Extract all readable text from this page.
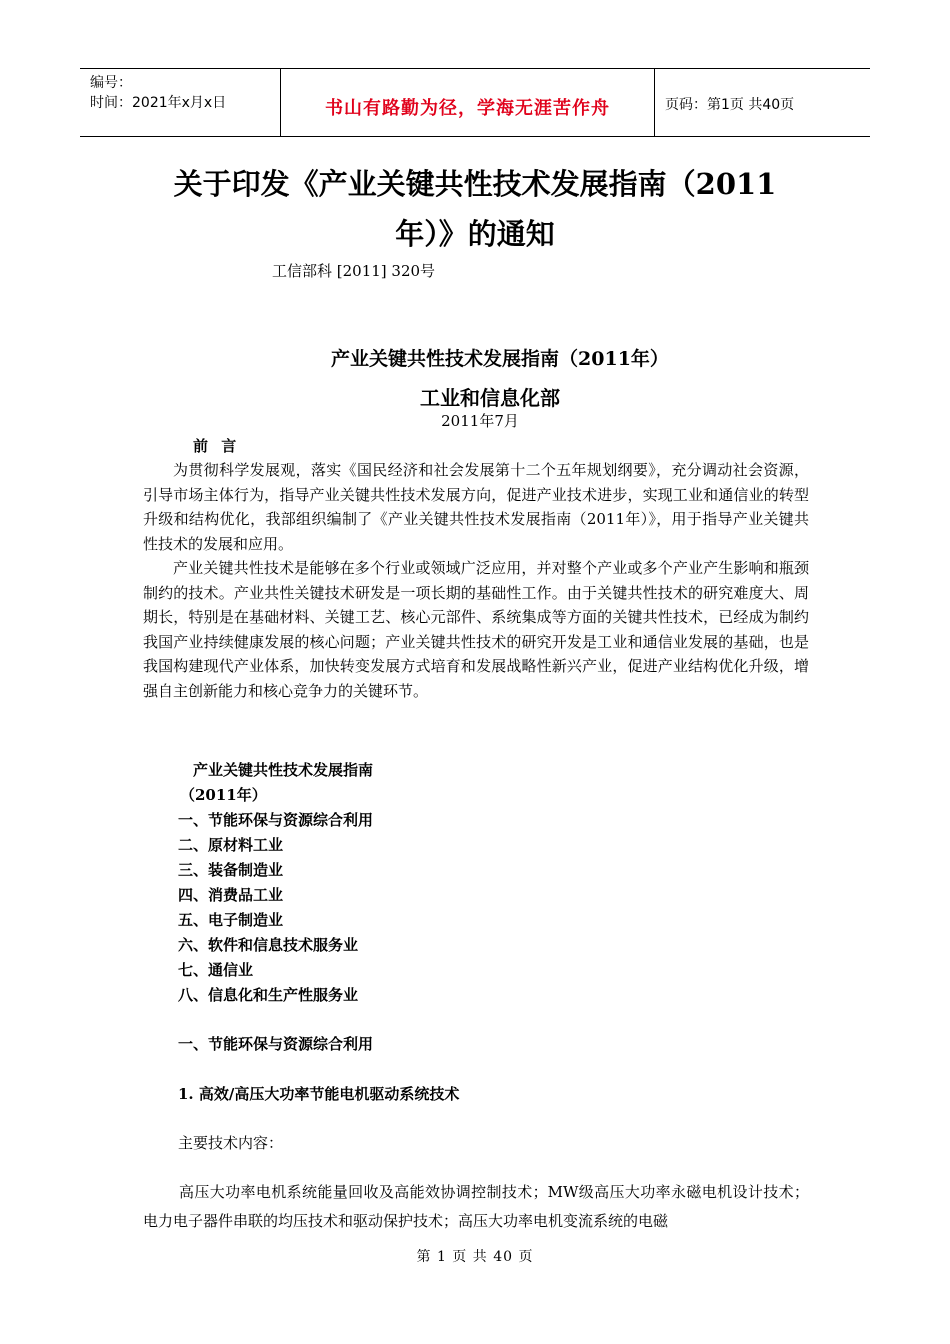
编号：
时间：2021年x月x日	书山有路勤为径，学海无涯苦作舟	页码：第1页 共40页
关于印发《产业关键共性技术发展指南（2011
年）》的通知
工信部科 [2011] 320号
产业关键共性技术发展指南（2011年）
工业和信息化部
2011年7月
前 言
为贯彻科学发展观，落实《国民经济和社会发展第十二个五年规划纲要》，充分调动社会资源，引导市场主体行为，指导产业关键共性技术发展方向，促进产业技术进步，实现工业和通信业的转型升级和结构优化，我部组织编制了《产业关键共性技术发展指南（2011年）》，用于指导产业关键共性技术的发展和应用。
产业关键共性技术是能够在多个行业或领域广泛应用，并对整个产业或多个产业产生影响和瓶颈制约的技术。产业共性关键技术研发是一项长期的基础性工作。由于关键共性技术的研究难度大、周期长，特别是在基础材料、关键工艺、核心元部件、系统集成等方面的关键共性技术，已经成为制约我国产业持续健康发展的核心问题；产业关键共性技术的研究开发是工业和通信业发展的基础，也是我国构建现代产业体系，加快转变发展方式培育和发展战略性新兴产业，促进产业结构优化升级，增强自主创新能力和核心竞争力的关键环节。
产业关键共性技术发展指南
（2011年）
一、节能环保与资源综合利用
二、原材料工业
三、装备制造业
四、消费品工业
五、电子制造业
六、软件和信息技术服务业
七、通信业
八、信息化和生产性服务业
一、节能环保与资源综合利用
1. 高效/高压大功率节能电机驱动系统技术
主要技术内容：
高压大功率电机系统能量回收及高能效协调控制技术；MW级高压大功率永磁电机设计技术；电力电子器件串联的均压技术和驱动保护技术；高压大功率电机变流系统的电磁
第 1 页 共 40 页
